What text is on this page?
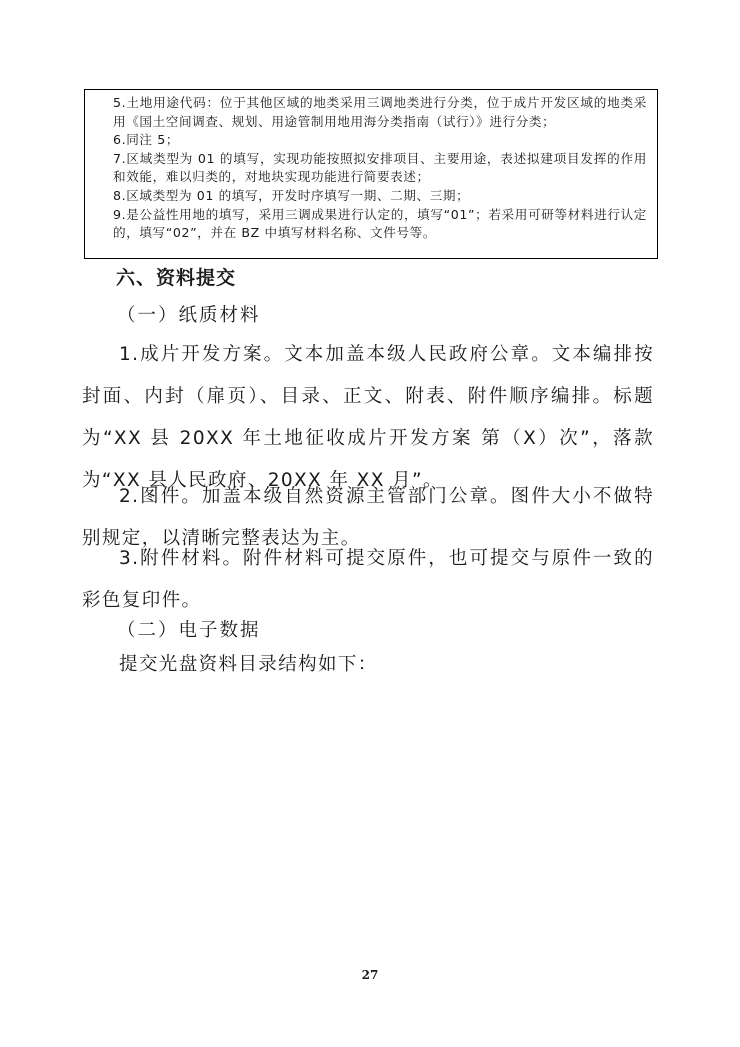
5.土地用途代码：位于其他区域的地类采用三调地类进行分类，位于成片开发区域的地类采用《国土空间调查、规划、用途管制用地用海分类指南（试行）》进行分类；

6.同注 5；

7.区域类型为 01 的填写，实现功能按照拟安排项目、主要用途，表述拟建项目发挥的作用和效能，难以归类的，对地块实现功能进行简要表述；

8.区域类型为 01 的填写，开发时序填写一期、二期、三期；

9.是公益性用地的填写，采用三调成果进行认定的，填写“01”；若采用可研等材料进行认定的，填写“02”，并在 BZ 中填写材料名称、文件号等。

六、资料提交

（一）纸质材料

1.成片开发方案。文本加盖本级人民政府公章。文本编排按封面、内封（扉页）、目录、正文、附表、附件顺序编排。标题为“XX 县 20XX 年土地征收成片开发方案 第（X）次”，落款为“XX 县人民政府、20XX 年 XX 月”。

2.图件。加盖本级自然资源主管部门公章。图件大小不做特别规定，以清晰完整表达为主。

3.附件材料。附件材料可提交原件，也可提交与原件一致的彩色复印件。

（二）电子数据

提交光盘资料目录结构如下：

27
